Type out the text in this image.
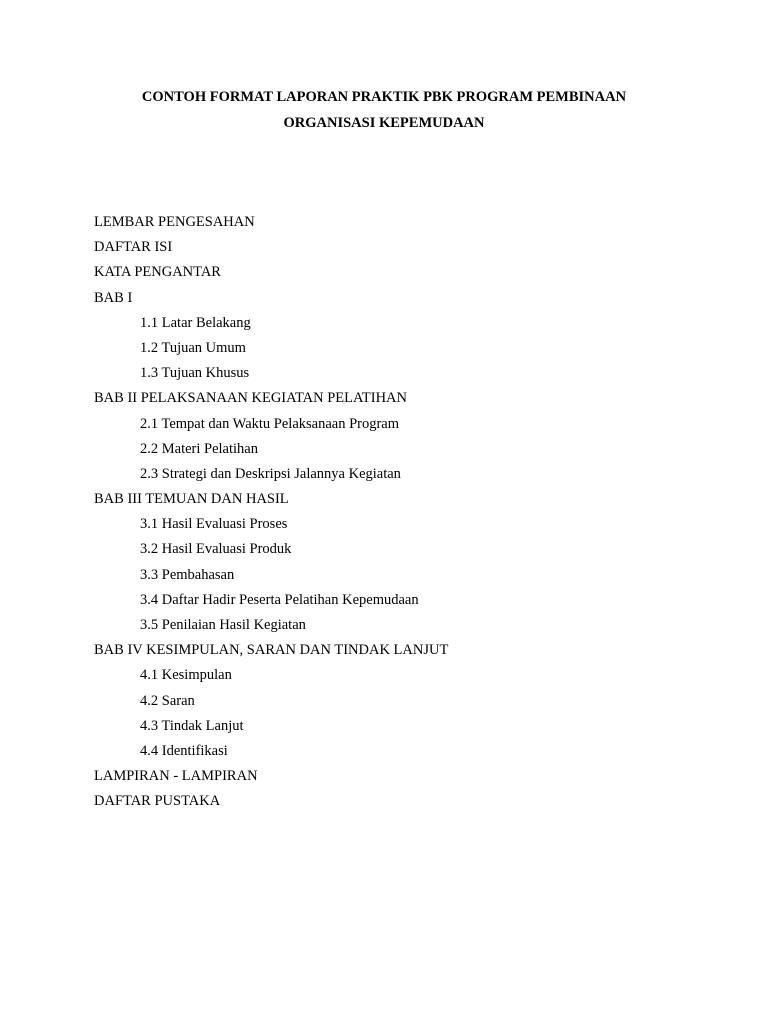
CONTOH FORMAT LAPORAN PRAKTIK PBK PROGRAM PEMBINAAN
ORGANISASI KEPEMUDAAN
LEMBAR PENGESAHAN
DAFTAR ISI
KATA PENGANTAR
BAB I
1.1 Latar Belakang
1.2 Tujuan Umum
1.3 Tujuan Khusus
BAB II PELAKSANAAN KEGIATAN PELATIHAN
2.1 Tempat dan Waktu Pelaksanaan Program
2.2 Materi Pelatihan
2.3 Strategi dan Deskripsi Jalannya Kegiatan
BAB III TEMUAN DAN HASIL
3.1 Hasil Evaluasi Proses
3.2 Hasil Evaluasi Produk
3.3 Pembahasan
3.4 Daftar Hadir Peserta Pelatihan Kepemudaan
3.5 Penilaian Hasil Kegiatan
BAB IV KESIMPULAN, SARAN DAN TINDAK LANJUT
4.1 Kesimpulan
4.2 Saran
4.3 Tindak Lanjut
4.4 Identifikasi
LAMPIRAN - LAMPIRAN
DAFTAR PUSTAKA
